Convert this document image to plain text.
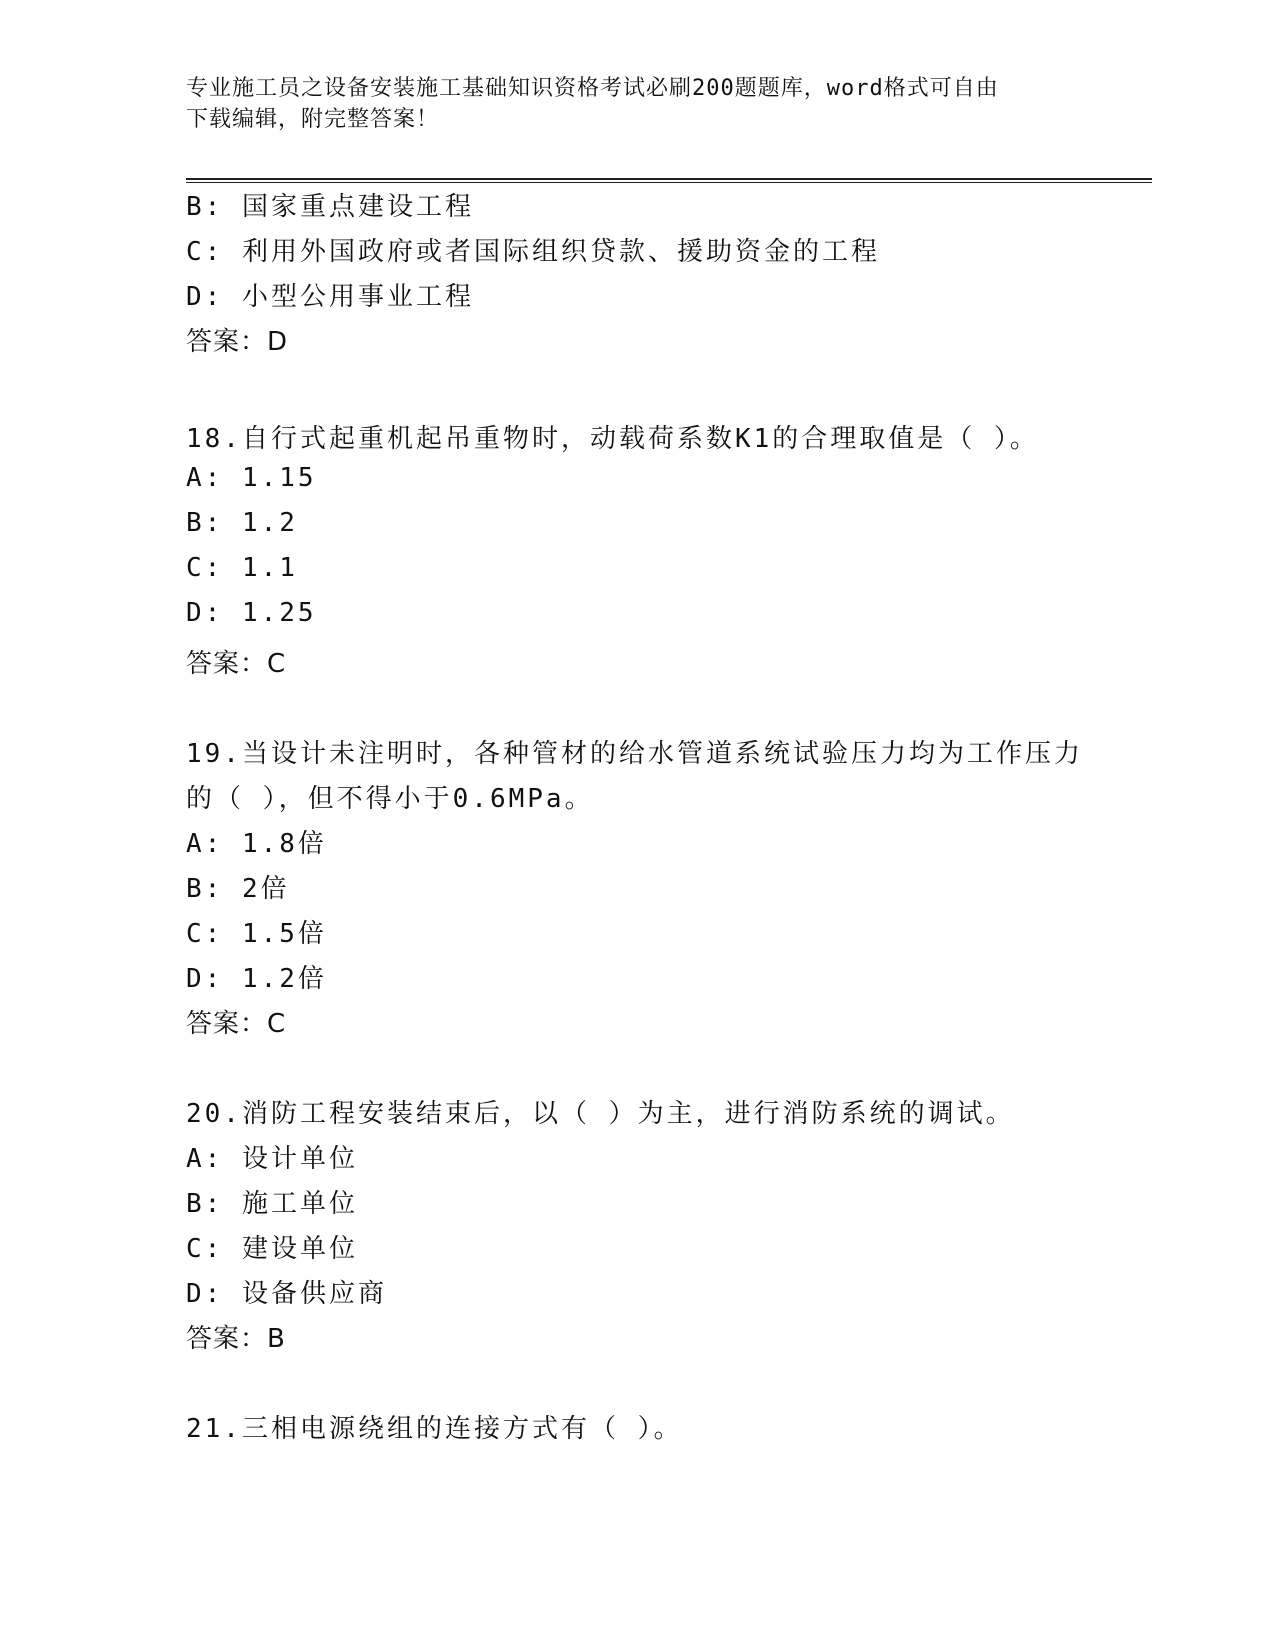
专业施工员之设备安装施工基础知识资格考试必刷200题题库，word格式可自由
下载编辑，附完整答案！
B: 国家重点建设工程
C: 利用外国政府或者国际组织贷款、援助资金的工程
D: 小型公用事业工程
答案：D
18.自行式起重机起吊重物时，动载荷系数K1的合理取值是（ ）。
A: 1.15
B: 1.2
C: 1.1
D: 1.25
答案：C
19.当设计未注明时，各种管材的给水管道系统试验压力均为工作压力
的（ ），但不得小于0.6MPa。
A: 1.8倍
B: 2倍
C: 1.5倍
D: 1.2倍
答案：C
20.消防工程安装结束后，以（ ）为主，进行消防系统的调试。
A: 设计单位
B: 施工单位
C: 建设单位
D: 设备供应商
答案：B
21.三相电源绕组的连接方式有（ ）。
